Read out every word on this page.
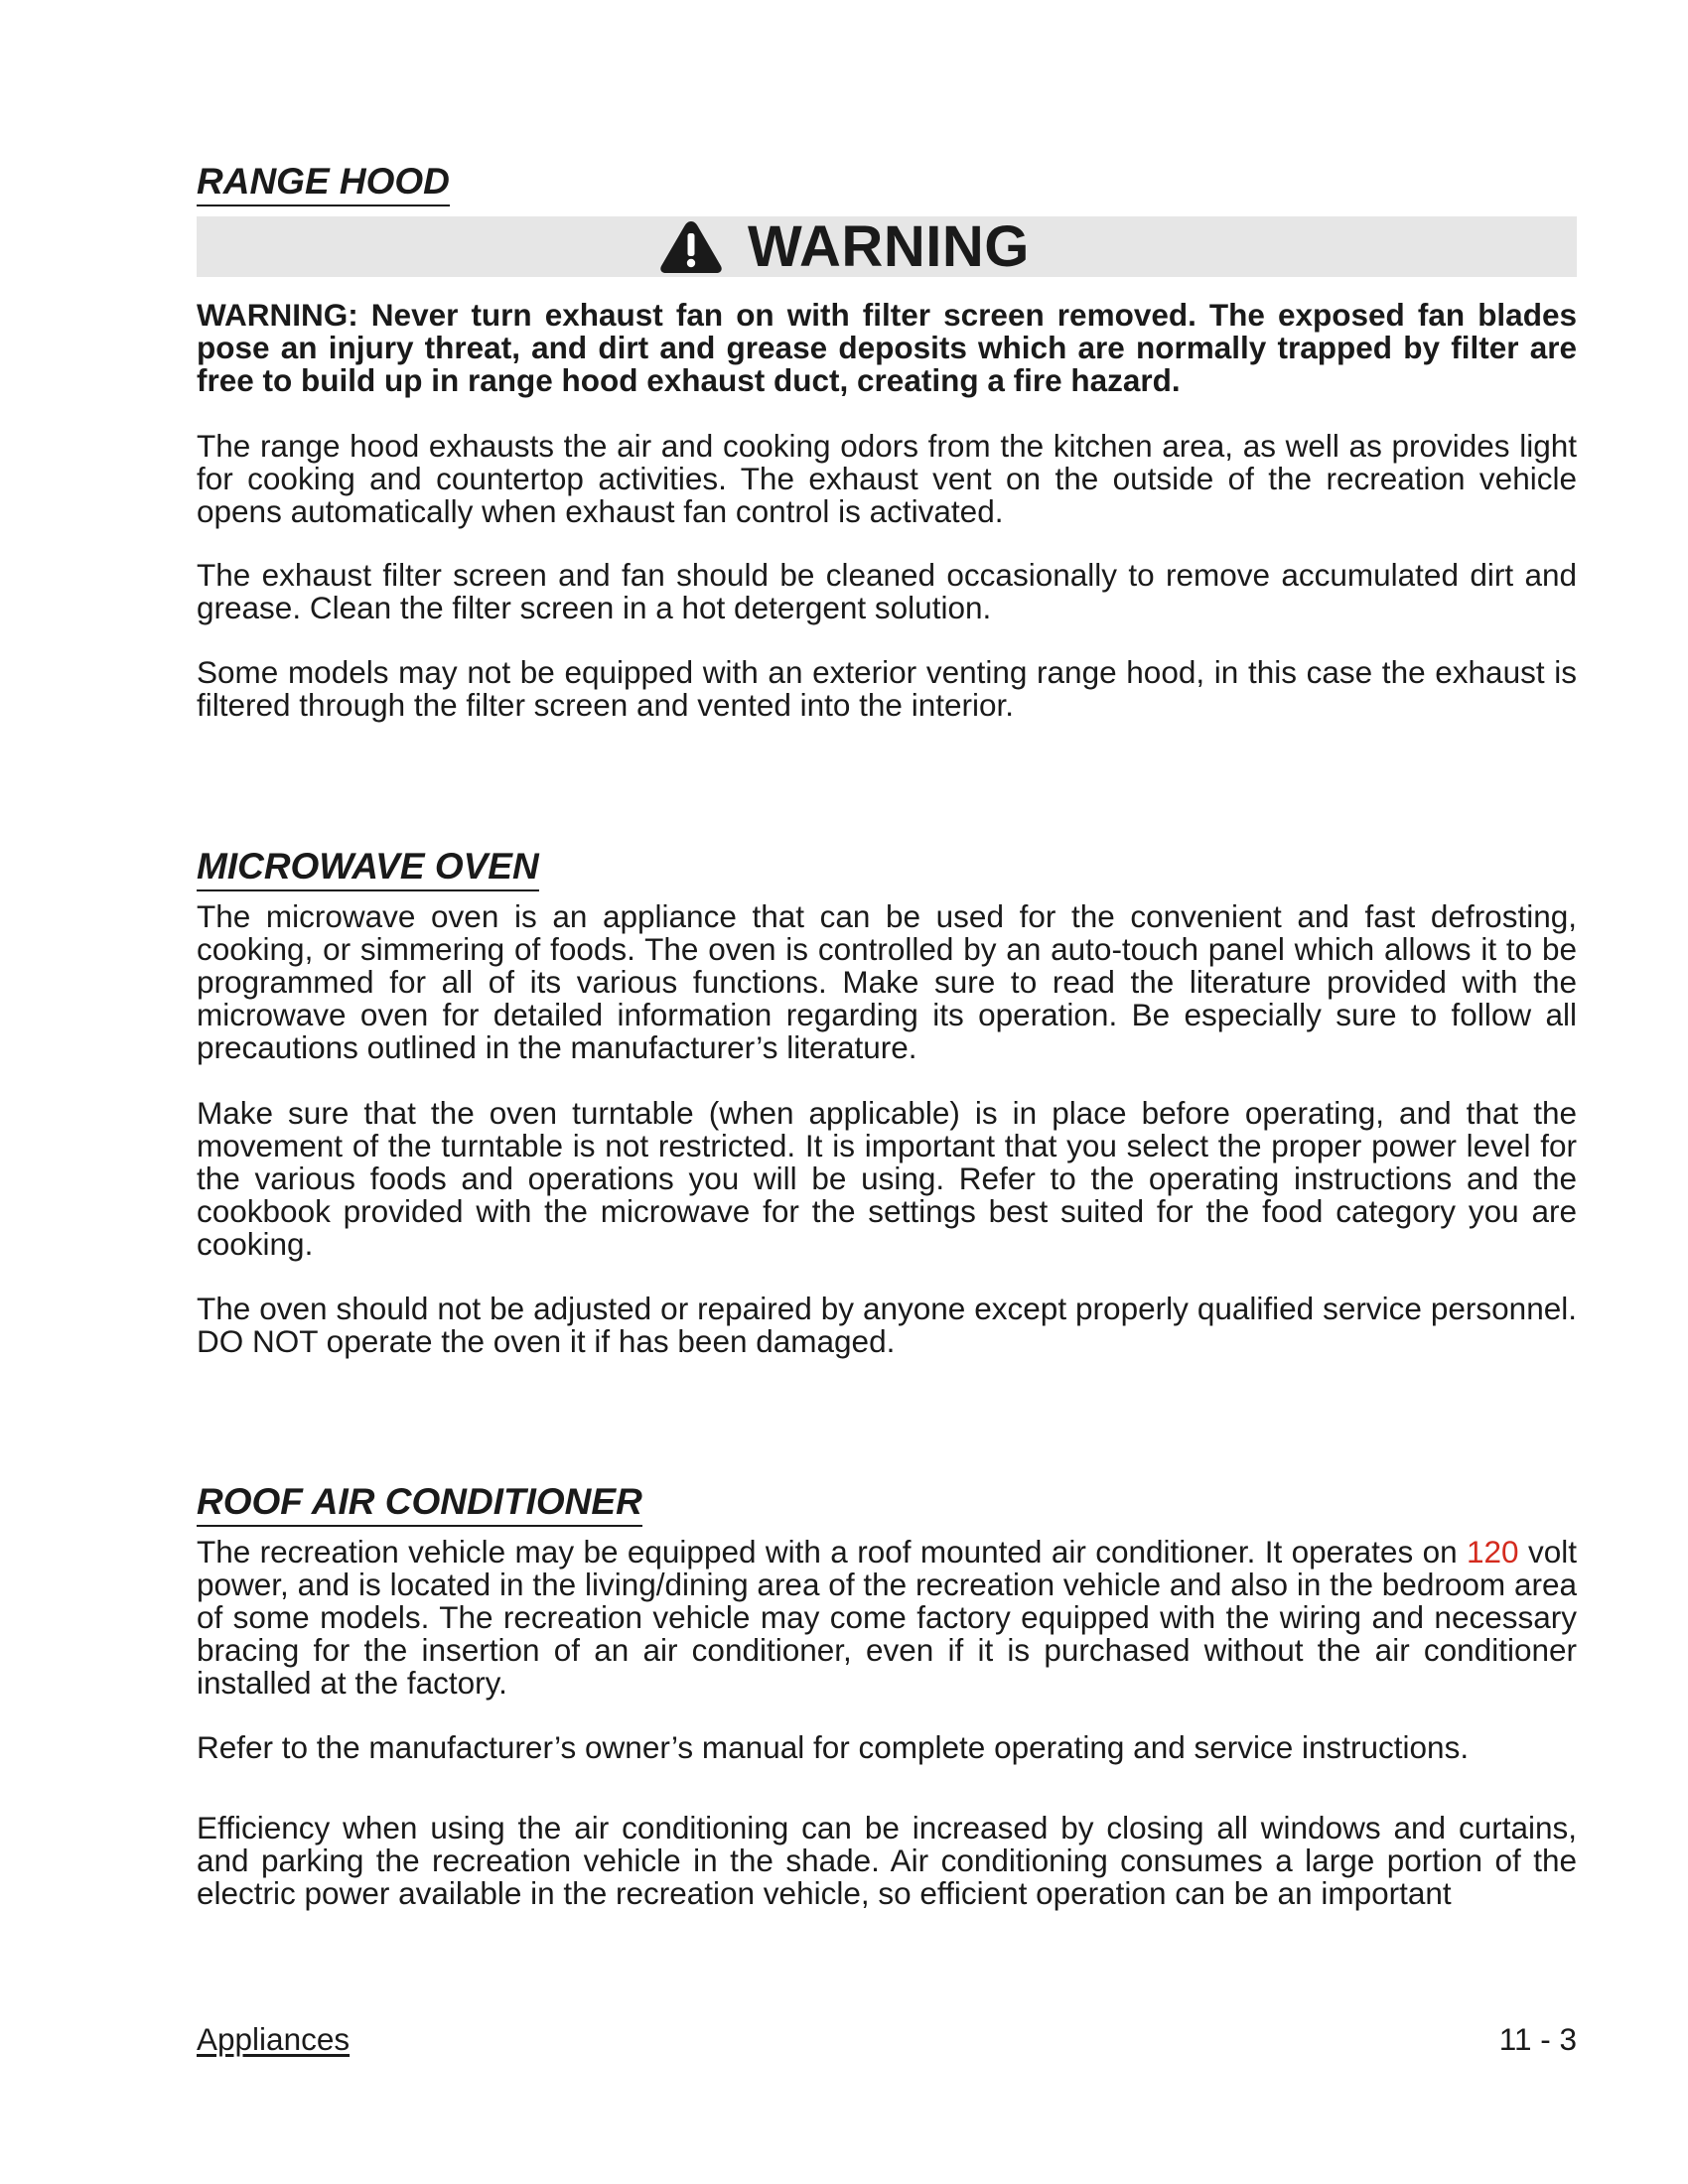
RANGE HOOD
WARNING

WARNING: Never turn exhaust fan on with filter screen removed. The exposed fan blades pose an injury threat, and dirt and grease deposits which are normally trapped by filter are free to build up in range hood exhaust duct, creating a fire hazard.

The range hood exhausts the air and cooking odors from the kitchen area, as well as provides light for cooking and countertop activities. The exhaust vent on the outside of the recreation vehicle opens automatically when exhaust fan control is activated.

The exhaust filter screen and fan should be cleaned occasionally to remove accumulated dirt and grease. Clean the filter screen in a hot detergent solution.

Some models may not be equipped with an exterior venting range hood, in this case the exhaust is filtered through the filter screen and vented into the interior.

MICROWAVE OVEN

The microwave oven is an appliance that can be used for the convenient and fast defrosting, cooking, or simmering of foods. The oven is controlled by an auto-touch panel which allows it to be programmed for all of its various functions. Make sure to read the literature provided with the microwave oven for detailed information regarding its operation. Be especially sure to follow all precautions outlined in the manufacturer’s literature.

Make sure that the oven turntable (when applicable) is in place before operating, and that the movement of the turntable is not restricted. It is important that you select the proper power level for the various foods and operations you will be using. Refer to the operating instructions and the cookbook provided with the microwave for the settings best suited for the food category you are cooking.

The oven should not be adjusted or repaired by anyone except properly qualified service personnel. DO NOT operate the oven it if has been damaged.

ROOF AIR CONDITIONER

The recreation vehicle may be equipped with a roof mounted air conditioner. It operates on 120 volt power, and is located in the living/dining area of the recreation vehicle and also in the bedroom area of some models. The recreation vehicle may come factory equipped with the wiring and necessary bracing for the insertion of an air conditioner, even if it is purchased without the air conditioner installed at the factory.

Refer to the manufacturer’s owner’s manual for complete operating and service instructions.

Efficiency when using the air conditioning can be increased by closing all windows and curtains, and parking the recreation vehicle in the shade. Air conditioning consumes a large portion of the electric power available in the recreation vehicle, so efficient operation can be an important

Appliances	11 - 3
